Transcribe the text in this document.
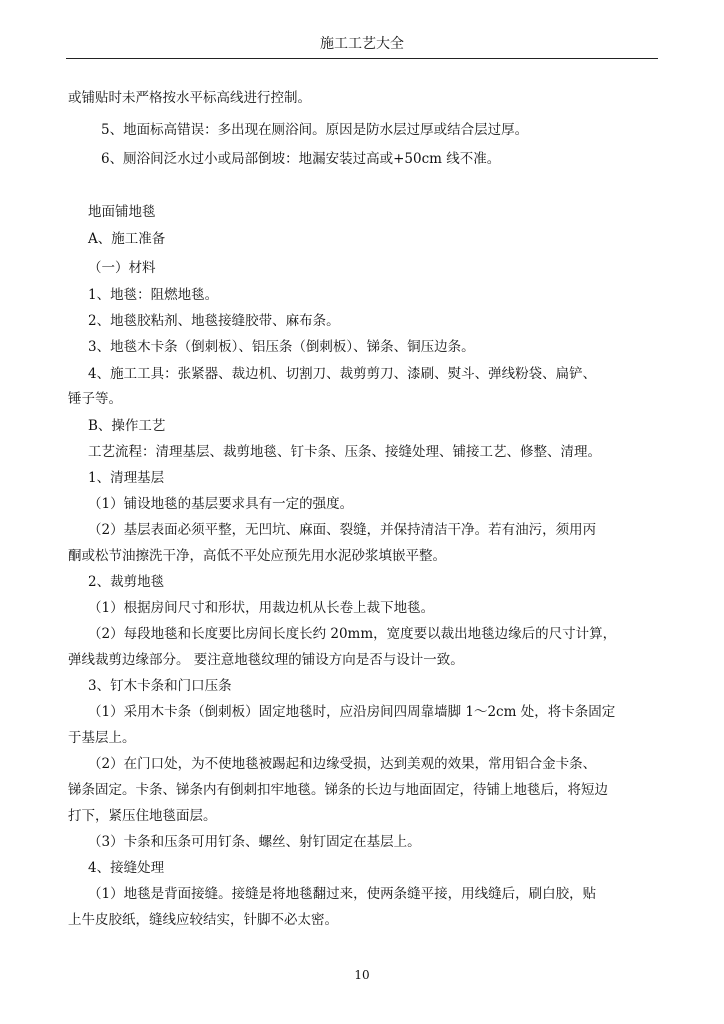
施工工艺大全
或铺贴时未严格按水平标高线进行控制。
5、地面标高错误：多出现在厕浴间。原因是防水层过厚或结合层过厚。
6、厕浴间泛水过小或局部倒坡：地漏安装过高或+50cm 线不准。
地面铺地毯
A、施工准备
（一）材料
1、地毯：阻燃地毯。
2、地毯胶粘剂、地毯接缝胶带、麻布条。
3、地毯木卡条（倒刺板）、铝压条（倒刺板）、锑条、铜压边条。
4、施工工具：张紧器、裁边机、切割刀、裁剪剪刀、漆刷、熨斗、弹线粉袋、扁铲、
锤子等。
B、操作工艺
工艺流程：清理基层、裁剪地毯、钉卡条、压条、接缝处理、铺接工艺、修整、清理。
1、清理基层
（1）铺设地毯的基层要求具有一定的强度。
（2）基层表面必须平整，无凹坑、麻面、裂缝，并保持清洁干净。若有油污，须用丙
酮或松节油擦洗干净，高低不平处应预先用水泥砂浆填嵌平整。
2、裁剪地毯
（1）根据房间尺寸和形状，用裁边机从长卷上裁下地毯。
（2）每段地毯和长度要比房间长度长约 20mm，宽度要以裁出地毯边缘后的尺寸计算，
弹线裁剪边缘部分。 要注意地毯纹理的铺设方向是否与设计一致。
3、钉木卡条和门口压条
（1）采用木卡条（倒刺板）固定地毯时，应沿房间四周靠墙脚 1～2cm 处，将卡条固定
于基层上。
（2）在门口处，为不使地毯被踢起和边缘受损，达到美观的效果，常用铝合金卡条、
锑条固定。卡条、锑条内有倒刺扣牢地毯。锑条的长边与地面固定，待铺上地毯后，将短边
打下，紧压住地毯面层。
（3）卡条和压条可用钉条、螺丝、射钉固定在基层上。
4、接缝处理
（1）地毯是背面接缝。接缝是将地毯翻过来，使两条缝平接，用线缝后，刷白胶，贴
上牛皮胶纸，缝线应较结实，针脚不必太密。
10
